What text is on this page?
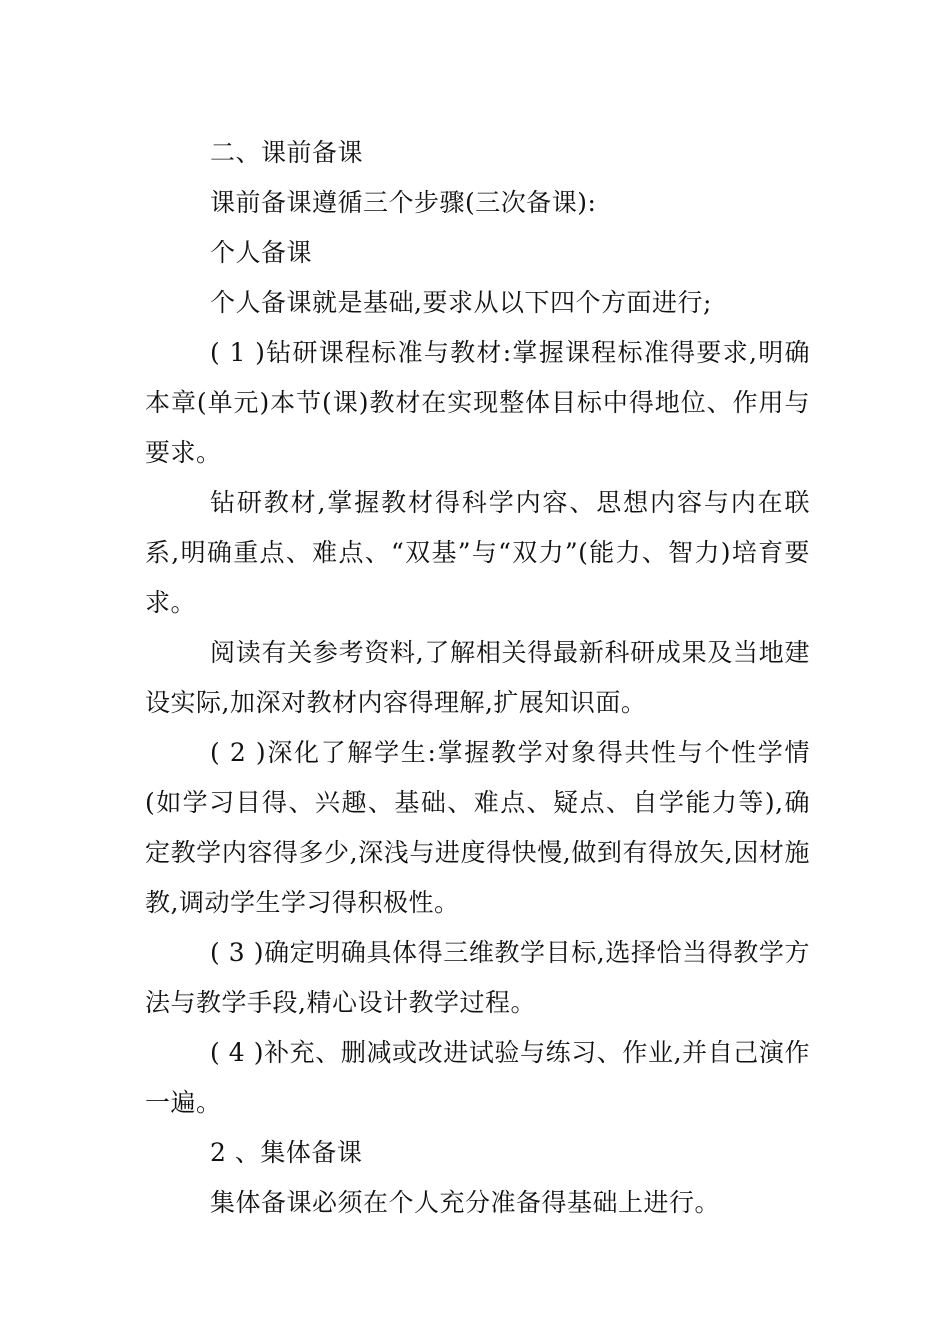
二、课前备课

课前备课遵循三个步骤(三次备课):

个人备课

个人备课就是基础,要求从以下四个方面进行;

( 1 )钻研课程标准与教材:掌握课程标准得要求,明确本章(单元)本节(课)教材在实现整体目标中得地位、作用与要求。

钻研教材,掌握教材得科学内容、思想内容与内在联系,明确重点、难点、“双基”与“双力”(能力、智力)培育要求。

阅读有关参考资料,了解相关得最新科研成果及当地建设实际,加深对教材内容得理解,扩展知识面。

( 2 )深化了解学生:掌握教学对象得共性与个性学情(如学习目得、兴趣、基础、难点、疑点、自学能力等),确定教学内容得多少,深浅与进度得快慢,做到有得放矢,因材施教,调动学生学习得积极性。

( 3 )确定明确具体得三维教学目标,选择恰当得教学方法与教学手段,精心设计教学过程。

( 4 )补充、删减或改进试验与练习、作业,并自己演作一遍。

2 、集体备课

集体备课必须在个人充分准备得基础上进行。
